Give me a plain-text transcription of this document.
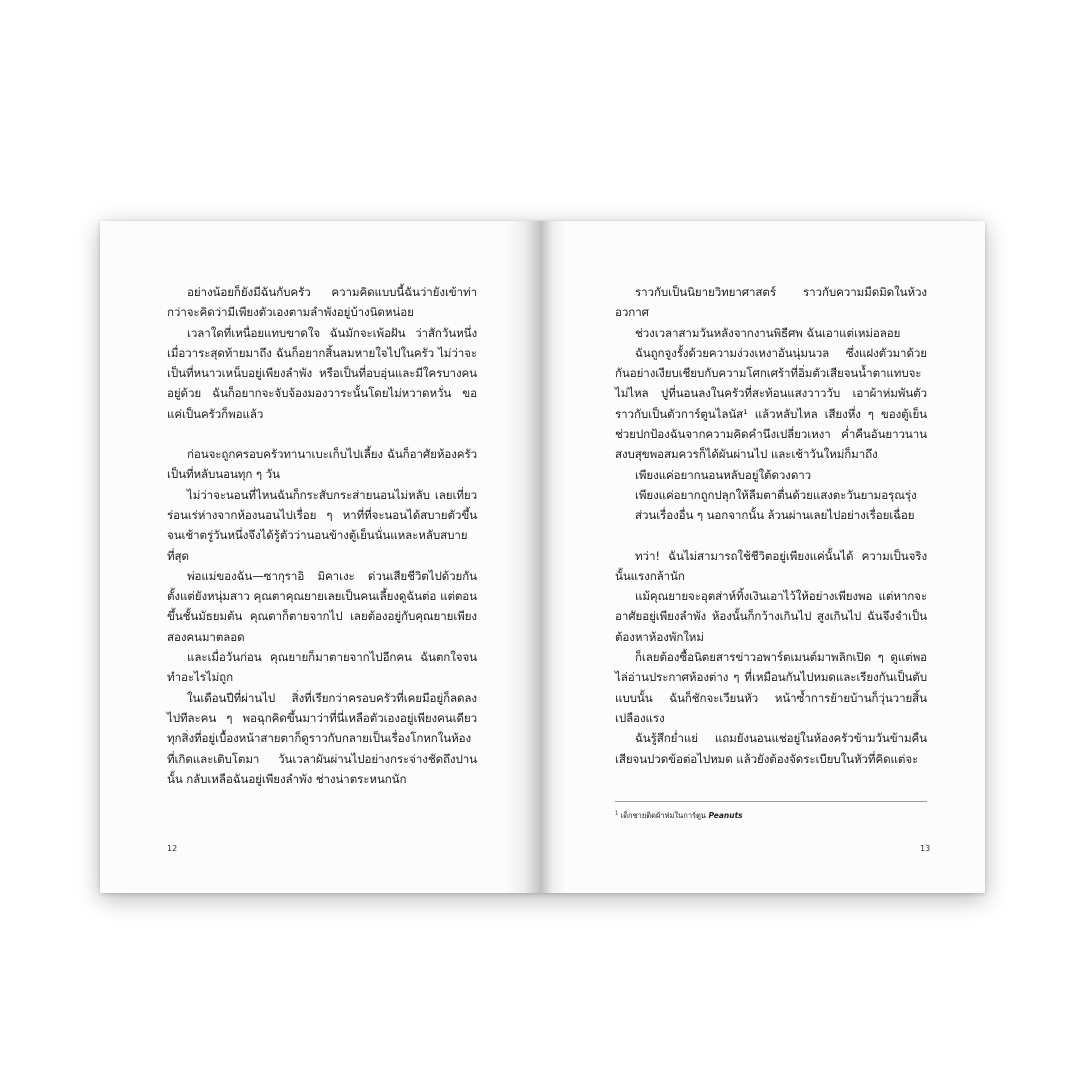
อย่างน้อยก็ยังมีฉันกับครัว ความคิดแบบนี้ฉันว่ายังเข้าท่ากว่าจะคิดว่ามีเพียงตัวเองตามลำพังอยู่บ้างนิดหน่อย

เวลาใดที่เหนื่อยแทบขาดใจ ฉันมักจะเพ้อฝัน ว่าสักวันหนึ่งเมื่อวาระสุดท้ายมาถึง ฉันก็อยากสิ้นลมหายใจไปในครัว ไม่ว่าจะเป็นที่หนาวเหน็บอยู่เพียงลำพัง หรือเป็นที่อบอุ่นและมีใครบางคนอยู่ด้วย ฉันก็อยากจะจับจ้องมองวาระนั้นโดยไม่หวาดหวั่น ขอแค่เป็นครัวก็พอแล้ว

ก่อนจะถูกครอบครัวทานาเบะเก็บไปเลี้ยง ฉันก็อาศัยห้องครัวเป็นที่หลับนอนทุก ๆ วัน

ไม่ว่าจะนอนที่ไหนฉันก็กระสับกระส่ายนอนไม่หลับ เลยเที่ยวร่อนเร่ห่างจากห้องนอนไปเรื่อย ๆ หาที่ที่จะนอนได้สบายตัวขึ้น จนเช้าตรู่วันหนึ่งจึงได้รู้ตัวว่านอนข้างตู้เย็นนั่นแหละหลับสบายที่สุด

พ่อแม่ของฉัน—ซากุราอิ มิคาเงะ ด่วนเสียชีวิตไปด้วยกันตั้งแต่ยังหนุ่มสาว คุณตาคุณยายเลยเป็นคนเลี้ยงดูฉันต่อ แต่ตอนขึ้นชั้นมัธยมต้น คุณตาก็ตายจากไป เลยต้องอยู่กับคุณยายเพียงสองคนมาตลอด

และเมื่อวันก่อน คุณยายก็มาตายจากไปอีกคน ฉันตกใจจนทำอะไรไม่ถูก

ในเดือนปีที่ผ่านไป สิ่งที่เรียกว่าครอบครัวที่เคยมีอยู่ก็ลดลงไปทีละคน ๆ พอฉุกคิดขึ้นมาว่าที่นี่เหลือตัวเองอยู่เพียงคนเดียวทุกสิ่งที่อยู่เบื้องหน้าสายตาก็ดูราวกับกลายเป็นเรื่องโกหกในห้องที่เกิดและเติบโตมา วันเวลาผันผ่านไปอย่างกระจ่างชัดถึงปานนั้น กลับเหลือฉันอยู่เพียงลำพัง ช่างน่าตระหนกนัก

12

ราวกับเป็นนิยายวิทยาศาสตร์ ราวกับความมืดมิดในห้วงอวกาศ

ช่วงเวลาสามวันหลังจากงานพิธีศพ ฉันเอาแต่เหม่อลอย

ฉันถูกจูงรั้งด้วยความง่วงเหงาอันนุ่มนวล ซึ่งแฝงตัวมาด้วยกันอย่างเงียบเชียบกับความโศกเศร้าที่อิ่มตัวเสียจนน้ำตาแทบจะไม่ไหล ปูที่นอนลงในครัวที่สะท้อนแสงวาววับ เอาผ้าห่มพันตัวราวกับเป็นตัวการ์ตูนไลนัส¹ แล้วหลับไหล เสียงหึ่ง ๆ ของตู้เย็นช่วยปกป้องฉันจากความคิดคำนึงเปลี่ยวเหงา ค่ำคืนอันยาวนานสงบสุขพอสมควรก็ได้ผันผ่านไป และเช้าวันใหม่ก็มาถึง

เพียงแค่อยากนอนหลับอยู่ใต้ดวงดาว

เพียงแค่อยากถูกปลุกให้ลืมตาตื่นด้วยแสงตะวันยามอรุณรุ่ง

ส่วนเรื่องอื่น ๆ นอกจากนั้น ล้วนผ่านเลยไปอย่างเรื่อยเฉื่อย

ทว่า! ฉันไม่สามารถใช้ชีวิตอยู่เพียงแค่นั้นได้ ความเป็นจริงนั้นแรงกล้านัก

แม้คุณยายจะอุตส่าห์ทิ้งเงินเอาไว้ให้อย่างเพียงพอ แต่หากจะอาศัยอยู่เพียงลำพัง ห้องนั้นก็กว้างเกินไป สูงเกินไป ฉันจึงจำเป็นต้องหาห้องพักใหม่

ก็เลยต้องซื้อนิตยสารข่าวอพาร์ตเมนต์มาพลิกเปิด ๆ ดูแต่พอไล่อ่านประกาศห้องต่าง ๆ ที่เหมือนกันไปหมดและเรียงกันเป็นตับแบบนั้น ฉันก็ชักจะเวียนหัว หน้าซ้ำการย้ายบ้านก็วุ่นวายสิ้นเปลืองแรง

ฉันรู้สึกย่ำแย่ แถมยังนอนแช่อยู่ในห้องครัวข้ามวันข้ามคืนเสียจนปวดข้อต่อไปหมด แล้วยังต้องจัดระเบียบในหัวที่คิดแต่จะ

$^1$ เด็กชายติดผ้าห่มในการ์ตูน Peanuts
13
